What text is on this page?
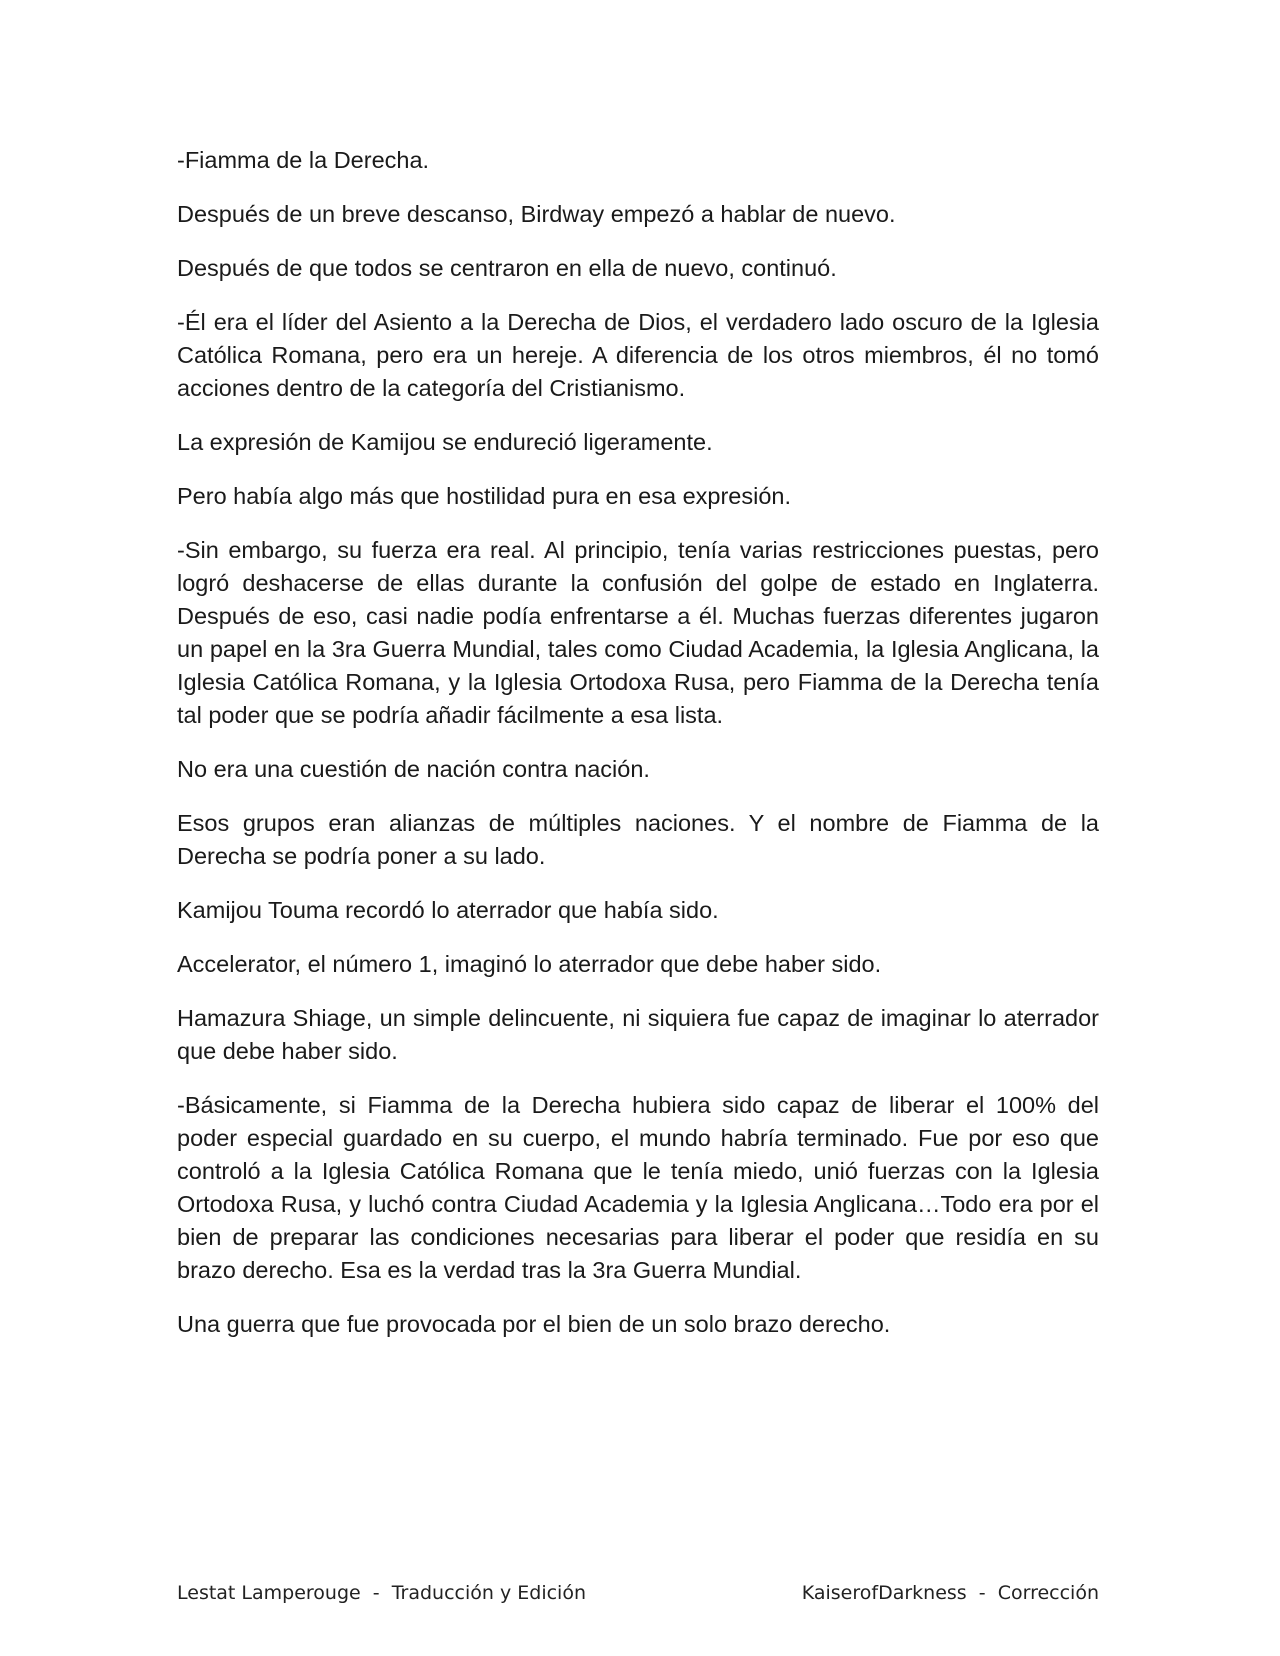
-Fiamma de la Derecha.

Después de un breve descanso, Birdway empezó a hablar de nuevo.

Después de que todos se centraron en ella de nuevo, continuó.

-Él era el líder del Asiento a la Derecha de Dios, el verdadero lado oscuro de la Iglesia Católica Romana, pero era un hereje. A diferencia de los otros miembros, él no tomó acciones dentro de la categoría del Cristianismo.

La expresión de Kamijou se endureció ligeramente.

Pero había algo más que hostilidad pura en esa expresión.

-Sin embargo, su fuerza era real. Al principio, tenía varias restricciones puestas, pero logró deshacerse de ellas durante la confusión del golpe de estado en Inglaterra. Después de eso, casi nadie podía enfrentarse a él. Muchas fuerzas diferentes jugaron un papel en la 3ra Guerra Mundial, tales como Ciudad Academia, la Iglesia Anglicana, la Iglesia Católica Romana, y la Iglesia Ortodoxa Rusa, pero Fiamma de la Derecha tenía tal poder que se podría añadir fácilmente a esa lista.

No era una cuestión de nación contra nación.

Esos grupos eran alianzas de múltiples naciones. Y el nombre de Fiamma de la Derecha se podría poner a su lado.

Kamijou Touma recordó lo aterrador que había sido.

Accelerator, el número 1, imaginó lo aterrador que debe haber sido.

Hamazura Shiage, un simple delincuente, ni siquiera fue capaz de imaginar lo aterrador que debe haber sido.

-Básicamente, si Fiamma de la Derecha hubiera sido capaz de liberar el 100% del poder especial guardado en su cuerpo, el mundo habría terminado. Fue por eso que controló a la Iglesia Católica Romana que le tenía miedo, unió fuerzas con la Iglesia Ortodoxa Rusa, y luchó contra Ciudad Academia y la Iglesia Anglicana…Todo era por el bien de preparar las condiciones necesarias para liberar el poder que residía en su brazo derecho. Esa es la verdad tras la 3ra Guerra Mundial.

Una guerra que fue provocada por el bien de un solo brazo derecho.

Lestat Lamperouge  -  Traducción y Edición	KaiserofDarkness  -  Corrección
